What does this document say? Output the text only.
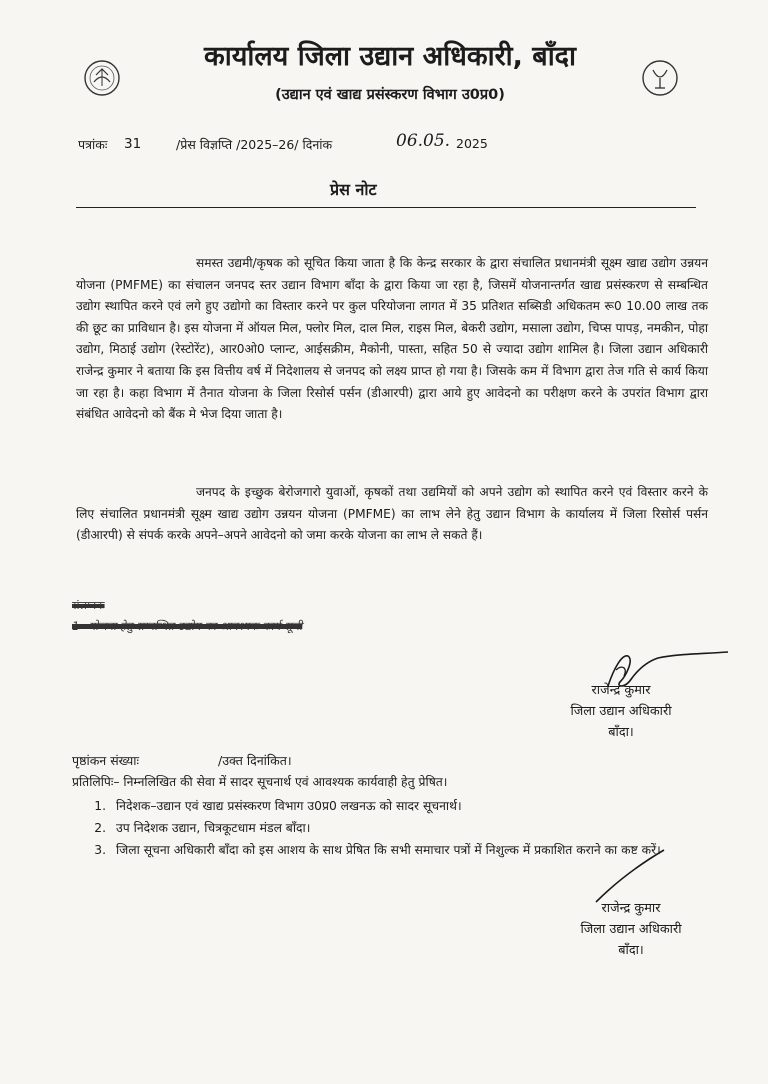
कार्यालय जिला उद्यान अधिकारी, बाँदा
(उद्यान एवं खाद्य प्रसंस्करण विभाग उ0प्र0)
पत्रांकः 31	/प्रेस विज्ञप्ति /2025–26/ दिनांक	06.05. 2025
प्रेस नोट

समस्त उद्यमी/कृषक को सूचित किया जाता है कि केन्द्र सरकार के द्वारा संचालित प्रधानमंत्री सूक्ष्म खाद्य उद्योग उन्नयन योजना (PMFME) का संचालन जनपद स्तर उद्यान विभाग बाँदा के द्वारा किया जा रहा है, जिसमें योजनान्तर्गत खाद्य प्रसंस्करण से सम्बन्धित उद्योग स्थापित करने एवं लगे हुए उद्योगो का विस्तार करने पर कुल परियोजना लागत में 35 प्रतिशत सब्सिडी अधिकतम रू0 10.00 लाख तक की छूट का प्राविधान है। इस योजना में ऑयल मिल, फ्लोर मिल, दाल मिल, राइस मिल, बेकरी उद्योग, मसाला उद्योग, चिप्स पापड़, नमकीन, पोहा उद्योग, मिठाई उद्योग (रेस्टोरेंट), आर0ओ0 प्लान्ट, आईसक्रीम, मैकोनी, पास्ता, सहित 50 से ज्यादा उद्योग शामिल है। जिला उद्यान अधिकारी राजेन्द्र कुमार ने बताया कि इस वित्तीय वर्ष में निदेशालय से जनपद को लक्ष्य प्राप्त हो गया है। जिसके कम में विभाग द्वारा तेज गति से कार्य किया जा रहा है। कहा विभाग में तैनात योजना के जिला रिसोर्स पर्सन (डीआरपी) द्वारा आये हुए आवेदनो का परीक्षण करने के उपरांत विभाग द्वारा संबंधित आवेदनो को बैंक मे भेज दिया जाता है।

जनपद के इच्छुक बेरोजगारो युवाओं, कृषकों तथा उद्यमियों को अपने उद्योग को स्थापित करने एवं विस्तार करने के लिए संचालित प्रधानमंत्री सूक्ष्म खाद्य उद्योग उन्नयन योजना (PMFME) का लाभ लेने हेतु उद्यान विभाग के कार्यालय में जिला रिसोर्स पर्सन (डीआरपी) से संपर्क करके अपने–अपने आवेदनो को जमा करके योजना का लाभ ले सकते हैं।

संलग्नक
1– योजना हेतु सम्बन्धित उद्योग का आवश्यक कार्य सूची
राजेन्द्र कुमार
जिला उद्यान अधिकारी
बाँदा।
पृष्ठांकन संख्याः	/उक्त दिनांकित।
प्रतिलिपिः– निम्नलिखित की सेवा में सादर सूचनार्थ एवं आवश्यक कार्यवाही हेतु प्रेषित।
1. निदेशक–उद्यान एवं खाद्य प्रसंस्करण विभाग उ0प्र0 लखनऊ को सादर सूचनार्थ।
2. उप निदेशक उद्यान, चित्रकूटधाम मंडल बाँदा।
3. जिला सूचना अधिकारी बाँदा को इस आशय के साथ प्रेषित कि सभी समाचार पत्रों में निशुल्क में प्रकाशित कराने का कष्ट करें।
राजेन्द्र कुमार
जिला उद्यान अधिकारी
बाँदा।
